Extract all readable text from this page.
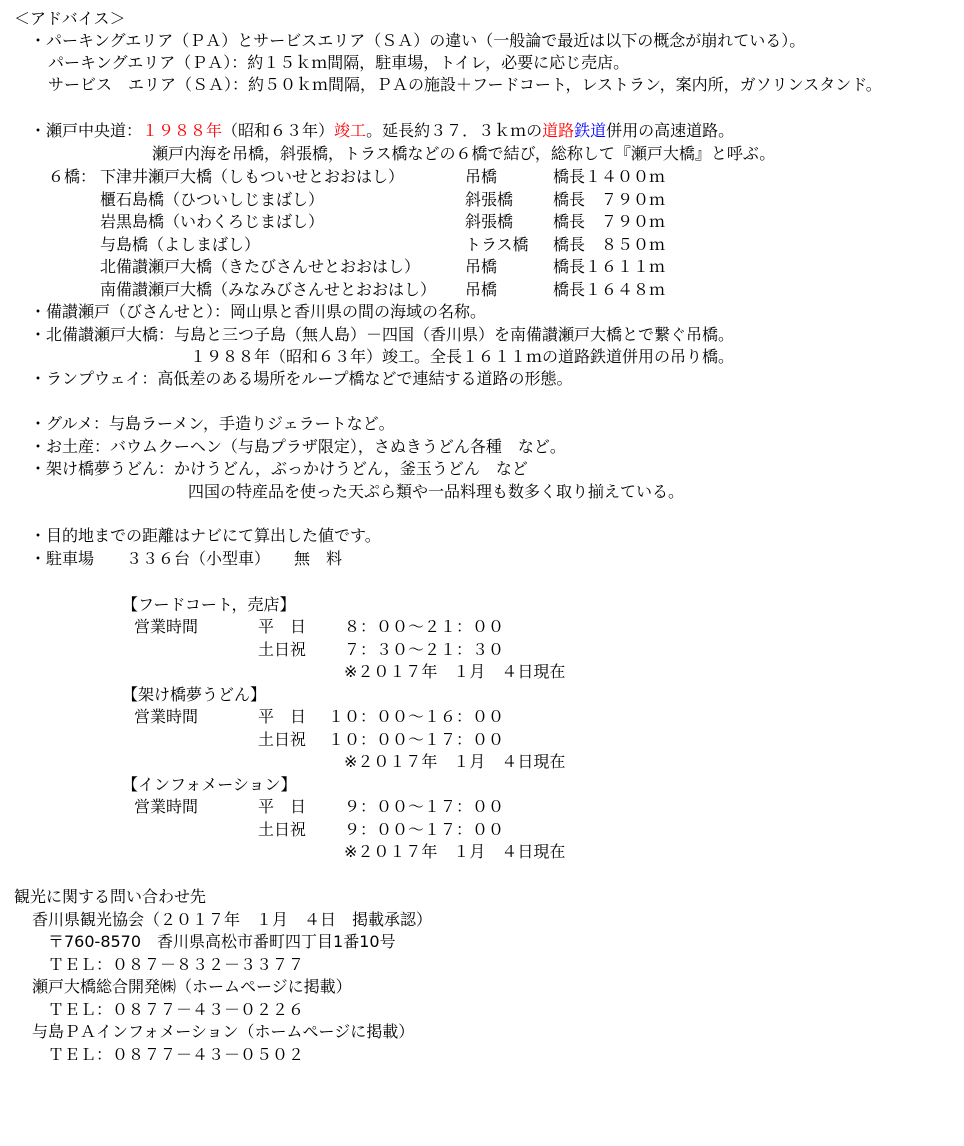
＜アドバイス＞
・パーキングエリア（ＰＡ）とサービスエリア（ＳＡ）の違い（一般論で最近は以下の概念が崩れている）。
パーキングエリア（ＰＡ）：約１５ｋｍ間隔，駐車場，トイレ，必要に応じ売店。
サービス　エリア（ＳＡ）：約５０ｋｍ間隔，ＰＡの施設＋フードコート，レストラン，案内所，ガソリンスタンド。
・瀬戸中央道：１９８８年（昭和６３年）竣工。延長約３７．３ｋｍの道路鉄道併用の高速道路。
瀬戸内海を吊橋，斜張橋，トラス橋などの６橋で結び，総称して『瀬戸大橋』と呼ぶ。
６橋： 下津井瀬戸大橋（しもついせとおおはし）	吊橋	橋長１４００ｍ
櫃石島橋（ひついしじまばし）	斜張橋 橋長　７９０ｍ
岩黒島橋（いわくろじまばし）	斜張橋 橋長　７９０ｍ
与島橋（よしまばし）	トラス橋 橋長　８５０ｍ
北備讃瀬戸大橋（きたびさんせとおおはし）	吊橋	橋長１６１１ｍ
南備讃瀬戸大橋（みなみびさんせとおおはし） 吊橋	橋長１６４８ｍ
・備讃瀬戸（びさんせと）：岡山県と香川県の間の海域の名称。
・北備讃瀬戸大橋：与島と三つ子島（無人島）－四国（香川県）を南備讃瀬戸大橋とで繋ぐ吊橋。
１９８８年（昭和６３年）竣工。全長１６１１ｍの道路鉄道併用の吊り橋。
・ランプウェイ：高低差のある場所をループ橋などで連結する道路の形態。
・グルメ：与島ラーメン，手造りジェラートなど。
・お土産：バウムクーヘン（与島プラザ限定），さぬきうどん各種　など。
・架け橋夢うどん：かけうどん，ぶっかけうどん，釜玉うどん　など
四国の特産品を使った天ぷら類や一品料理も数多く取り揃えている。
・目的地までの距離はナビにて算出した値です。
・駐車場　　３３６台（小型車）　　無　料
【フードコート，売店】
営業時間	平　日 　８：００～２１：００
土日祝 　７：３０～２１：３０
※２０１７年　１月　４日現在
【架け橋夢うどん】
営業時間	平　日 １０：００～１６：００
土日祝 １０：００～１７：００
※２０１７年　１月　４日現在
【インフォメーション】
営業時間	平　日 　９：００～１７：００
土日祝 　９：００～１７：００
※２０１７年　１月　４日現在
観光に関する問い合わせ先
香川県観光協会（２０１７年　１月　４日　掲載承認）
〒760-8570　香川県高松市番町四丁目1番10号
ＴＥＬ：０８７－８３２－３３７７
瀬戸大橋総合開発㈱（ホームページに掲載）
ＴＥＬ：０８７７－４３－０２２６
与島ＰＡインフォメーション（ホームページに掲載）
ＴＥＬ：０８７７－４３－０５０２
